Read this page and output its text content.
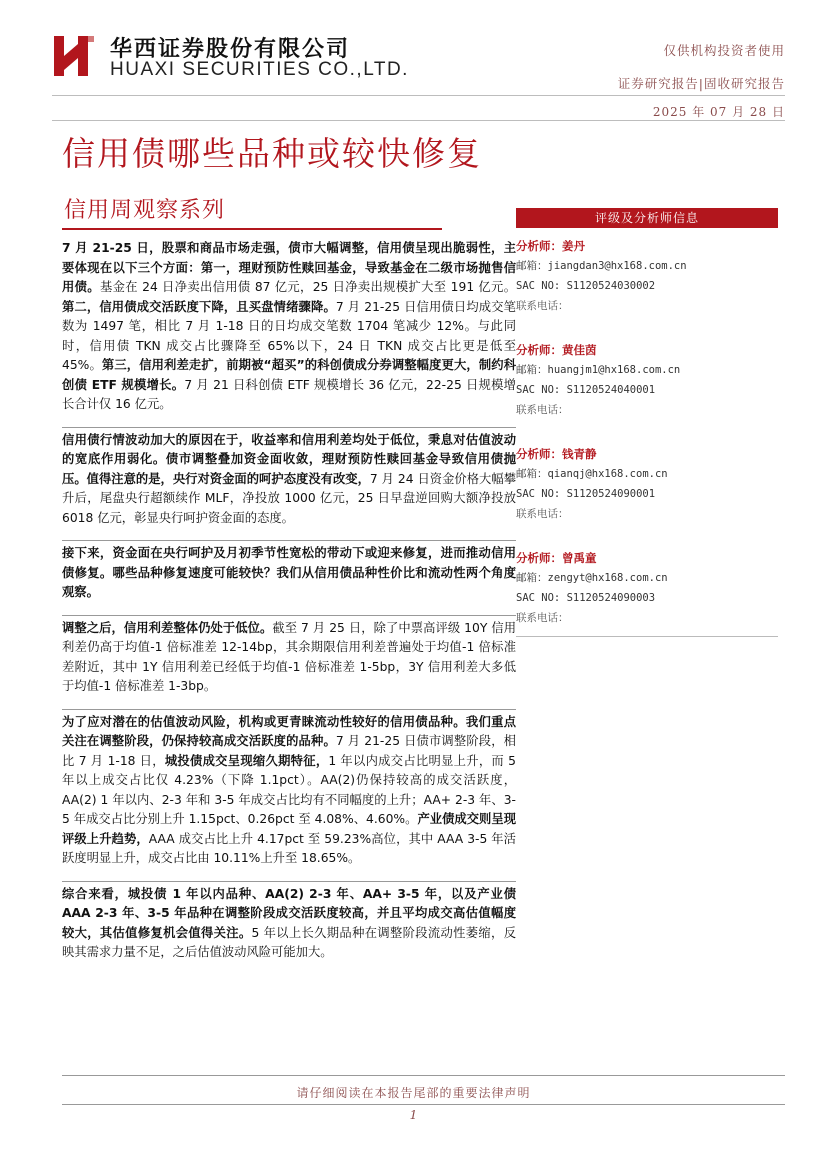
华西证券股份有限公司
HUAXI SECURITIES CO.,LTD.
仅供机构投资者使用
证券研究报告|固收研究报告
2025 年 07 月 28 日
信用债哪些品种或较快修复
信用周观察系列

7 月 21-25 日，股票和商品市场走强，债市大幅调整，信用债呈现出脆弱性，主要体现在以下三个方面：第一，理财预防性赎回基金，导致基金在二级市场抛售信用债。基金在 24 日净卖出信用债 87 亿元，25 日净卖出规模扩大至 191 亿元。第二，信用债成交活跃度下降，且买盘情绪骤降。7 月 21-25 日信用债日均成交笔数为 1497 笔，相比 7 月 1-18 日的日均成交笔数 1704 笔减少 12%。与此同时，信用债 TKN 成交占比骤降至 65%以下，24 日 TKN 成交占比更是低至 45%。第三，信用利差走扩，前期被“超买”的科创债成分券调整幅度更大，制约科创债 ETF 规模增长。7 月 21 日科创债 ETF 规模增长 36 亿元，22-25 日规模增长合计仅 16 亿元。

信用债行情波动加大的原因在于，收益率和信用利差均处于低位，秉息对估值波动的宽底作用弱化。债市调整叠加资金面收敛，理财预防性赎回基金导致信用债抛压。值得注意的是，央行对资金面的呵护态度没有改变，7 月 24 日资金价格大幅攀升后，尾盘央行超额续作 MLF，净投放 1000 亿元，25 日早盘逆回购大额净投放 6018 亿元，彰显央行呵护资金面的态度。

接下来，资金面在央行呵护及月初季节性宽松的带动下或迎来修复，进而推动信用债修复。哪些品种修复速度可能较快？我们从信用债品种性价比和流动性两个角度观察。

调整之后，信用利差整体仍处于低位。截至 7 月 25 日，除了中票高评级 10Y 信用利差仍高于均值-1 倍标准差 12-14bp，其余期限信用利差普遍处于均值-1 倍标准差附近，其中 1Y 信用利差已经低于均值-1 倍标准差 1-5bp，3Y 信用利差大多低于均值-1 倍标准差 1-3bp。

为了应对潜在的估值波动风险，机构或更青睐流动性较好的信用债品种。我们重点关注在调整阶段，仍保持较高成交活跃度的品种。7 月 21-25 日债市调整阶段，相比 7 月 1-18 日，城投债成交呈现缩久期特征，1 年以内成交占比明显上升，而 5 年以上成交占比仅 4.23%（下降 1.1pct）。AA(2)仍保持较高的成交活跃度，AA(2) 1 年以内、2-3 年和 3-5 年成交占比均有不同幅度的上升；AA+ 2-3 年、3-5 年成交占比分别上升 1.15pct、0.26pct 至 4.08%、4.60%。产业债成交则呈现评级上升趋势，AAA 成交占比上升 4.17pct 至 59.23%高位，其中 AAA 3-5 年活跃度明显上升，成交占比由 10.11%上升至 18.65%。

综合来看，城投债 1 年以内品种、AA(2) 2-3 年、AA+ 3-5 年，以及产业债 AAA 2-3 年、3-5 年品种在调整阶段成交活跃度较高，并且平均成交高估值幅度较大，其估值修复机会值得关注。5 年以上长久期品种在调整阶段流动性萎缩，反映其需求力量不足，之后估值波动风险可能加大。

评级及分析师信息
分析师：姜丹
邮箱：jiangdan3@hx168.com.cn
SAC NO: S1120524030002
联系电话：
分析师：黄佳茵
邮箱：huangjm1@hx168.com.cn
SAC NO: S1120524040001
联系电话：
分析师：钱青静
邮箱：qianqj@hx168.com.cn
SAC NO: S1120524090001
联系电话：
分析师：曾禹童
邮箱：zengyt@hx168.com.cn
SAC NO: S1120524090003
联系电话：
请仔细阅读在本报告尾部的重要法律声明
1
